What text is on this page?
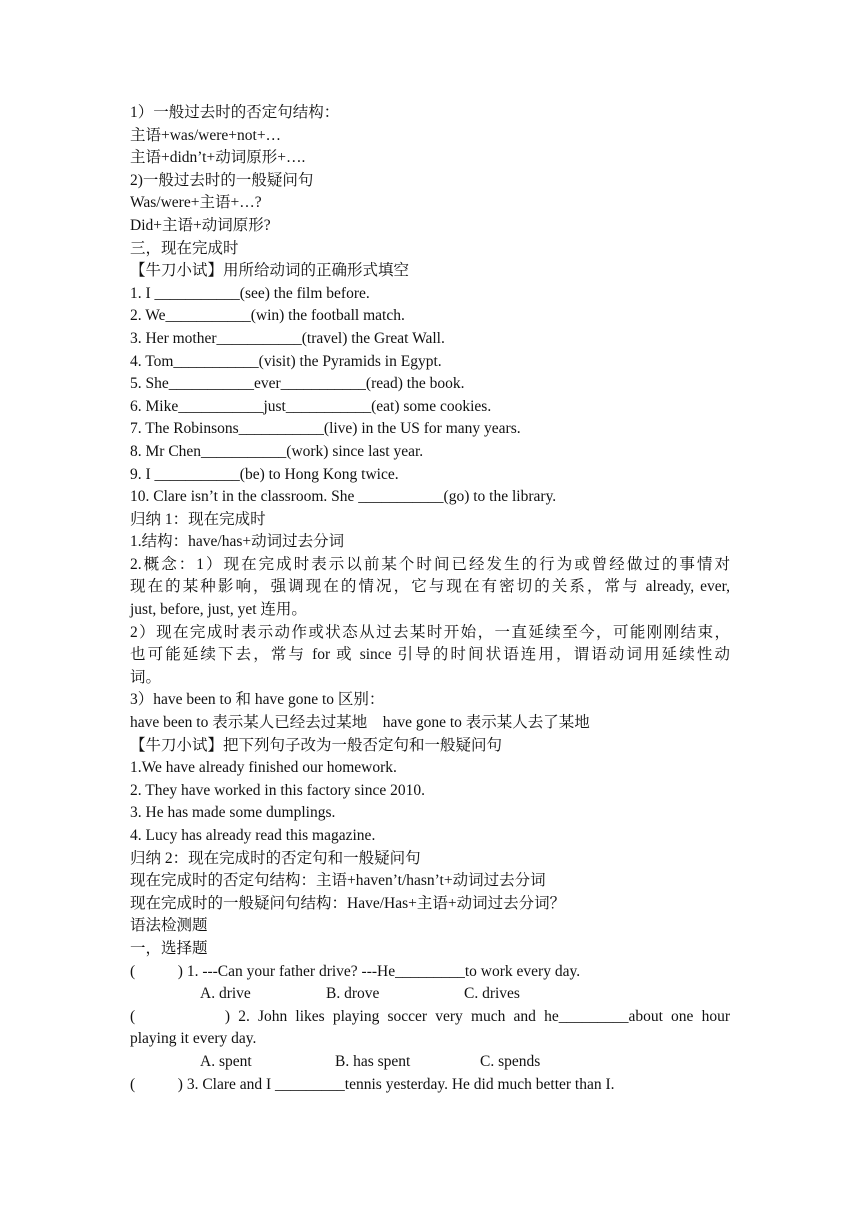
1）一般过去时的否定句结构：
主语+was/were+not+…
主语+didn’t+动词原形+….
2)一般过去时的一般疑问句
Was/were+主语+…?
Did+主语+动词原形?
三，现在完成时
【牛刀小试】用所给动词的正确形式填空
1. I ___________(see) the film before.
2. We___________(win) the football match.
3. Her mother___________(travel) the Great Wall.
4. Tom___________(visit) the Pyramids in Egypt.
5. She___________ever___________(read) the book.
6. Mike___________just___________(eat) some cookies.
7. The Robinsons___________(live) in the US for many years.
8. Mr Chen___________(work) since last year.
9. I ___________(be) to Hong Kong twice.
10. Clare isn’t in the classroom. She ___________(go) to the library.
归纳 1：现在完成时
1.结构：have/has+动词过去分词
2.概念：1）现在完成时表示以前某个时间已经发生的行为或曾经做过的事情对
现在的某种影响，强调现在的情况，它与现在有密切的关系，常与 already, ever,
just, before, just, yet 连用。
2）现在完成时表示动作或状态从过去某时开始，一直延续至今，可能刚刚结束，
也可能延续下去，常与 for 或 since 引导的时间状语连用，谓语动词用延续性动
词。
3）have been to 和 have gone to 区别：
have been to 表示某人已经去过某地    have gone to 表示某人去了某地
【牛刀小试】把下列句子改为一般否定句和一般疑问句
1.We have already finished our homework.
2. They have worked in this factory since 2010.
3. He has made some dumplings.
4. Lucy has already read this magazine.
归纳 2：现在完成时的否定句和一般疑问句
现在完成时的否定句结构：主语+haven’t/hasn’t+动词过去分词
现在完成时的一般疑问句结构：Have/Has+主语+动词过去分词？
语法检测题
一，选择题
(           ) 1. ---Can your father drive? ---He_________to work every day.
A. drive	B. drove	C. drives
(           ) 2. John likes playing soccer very much and he_________about one hour
playing it every day.
A. spent	B. has spent	C. spends
(           ) 3. Clare and I _________tennis yesterday. He did much better than I.
